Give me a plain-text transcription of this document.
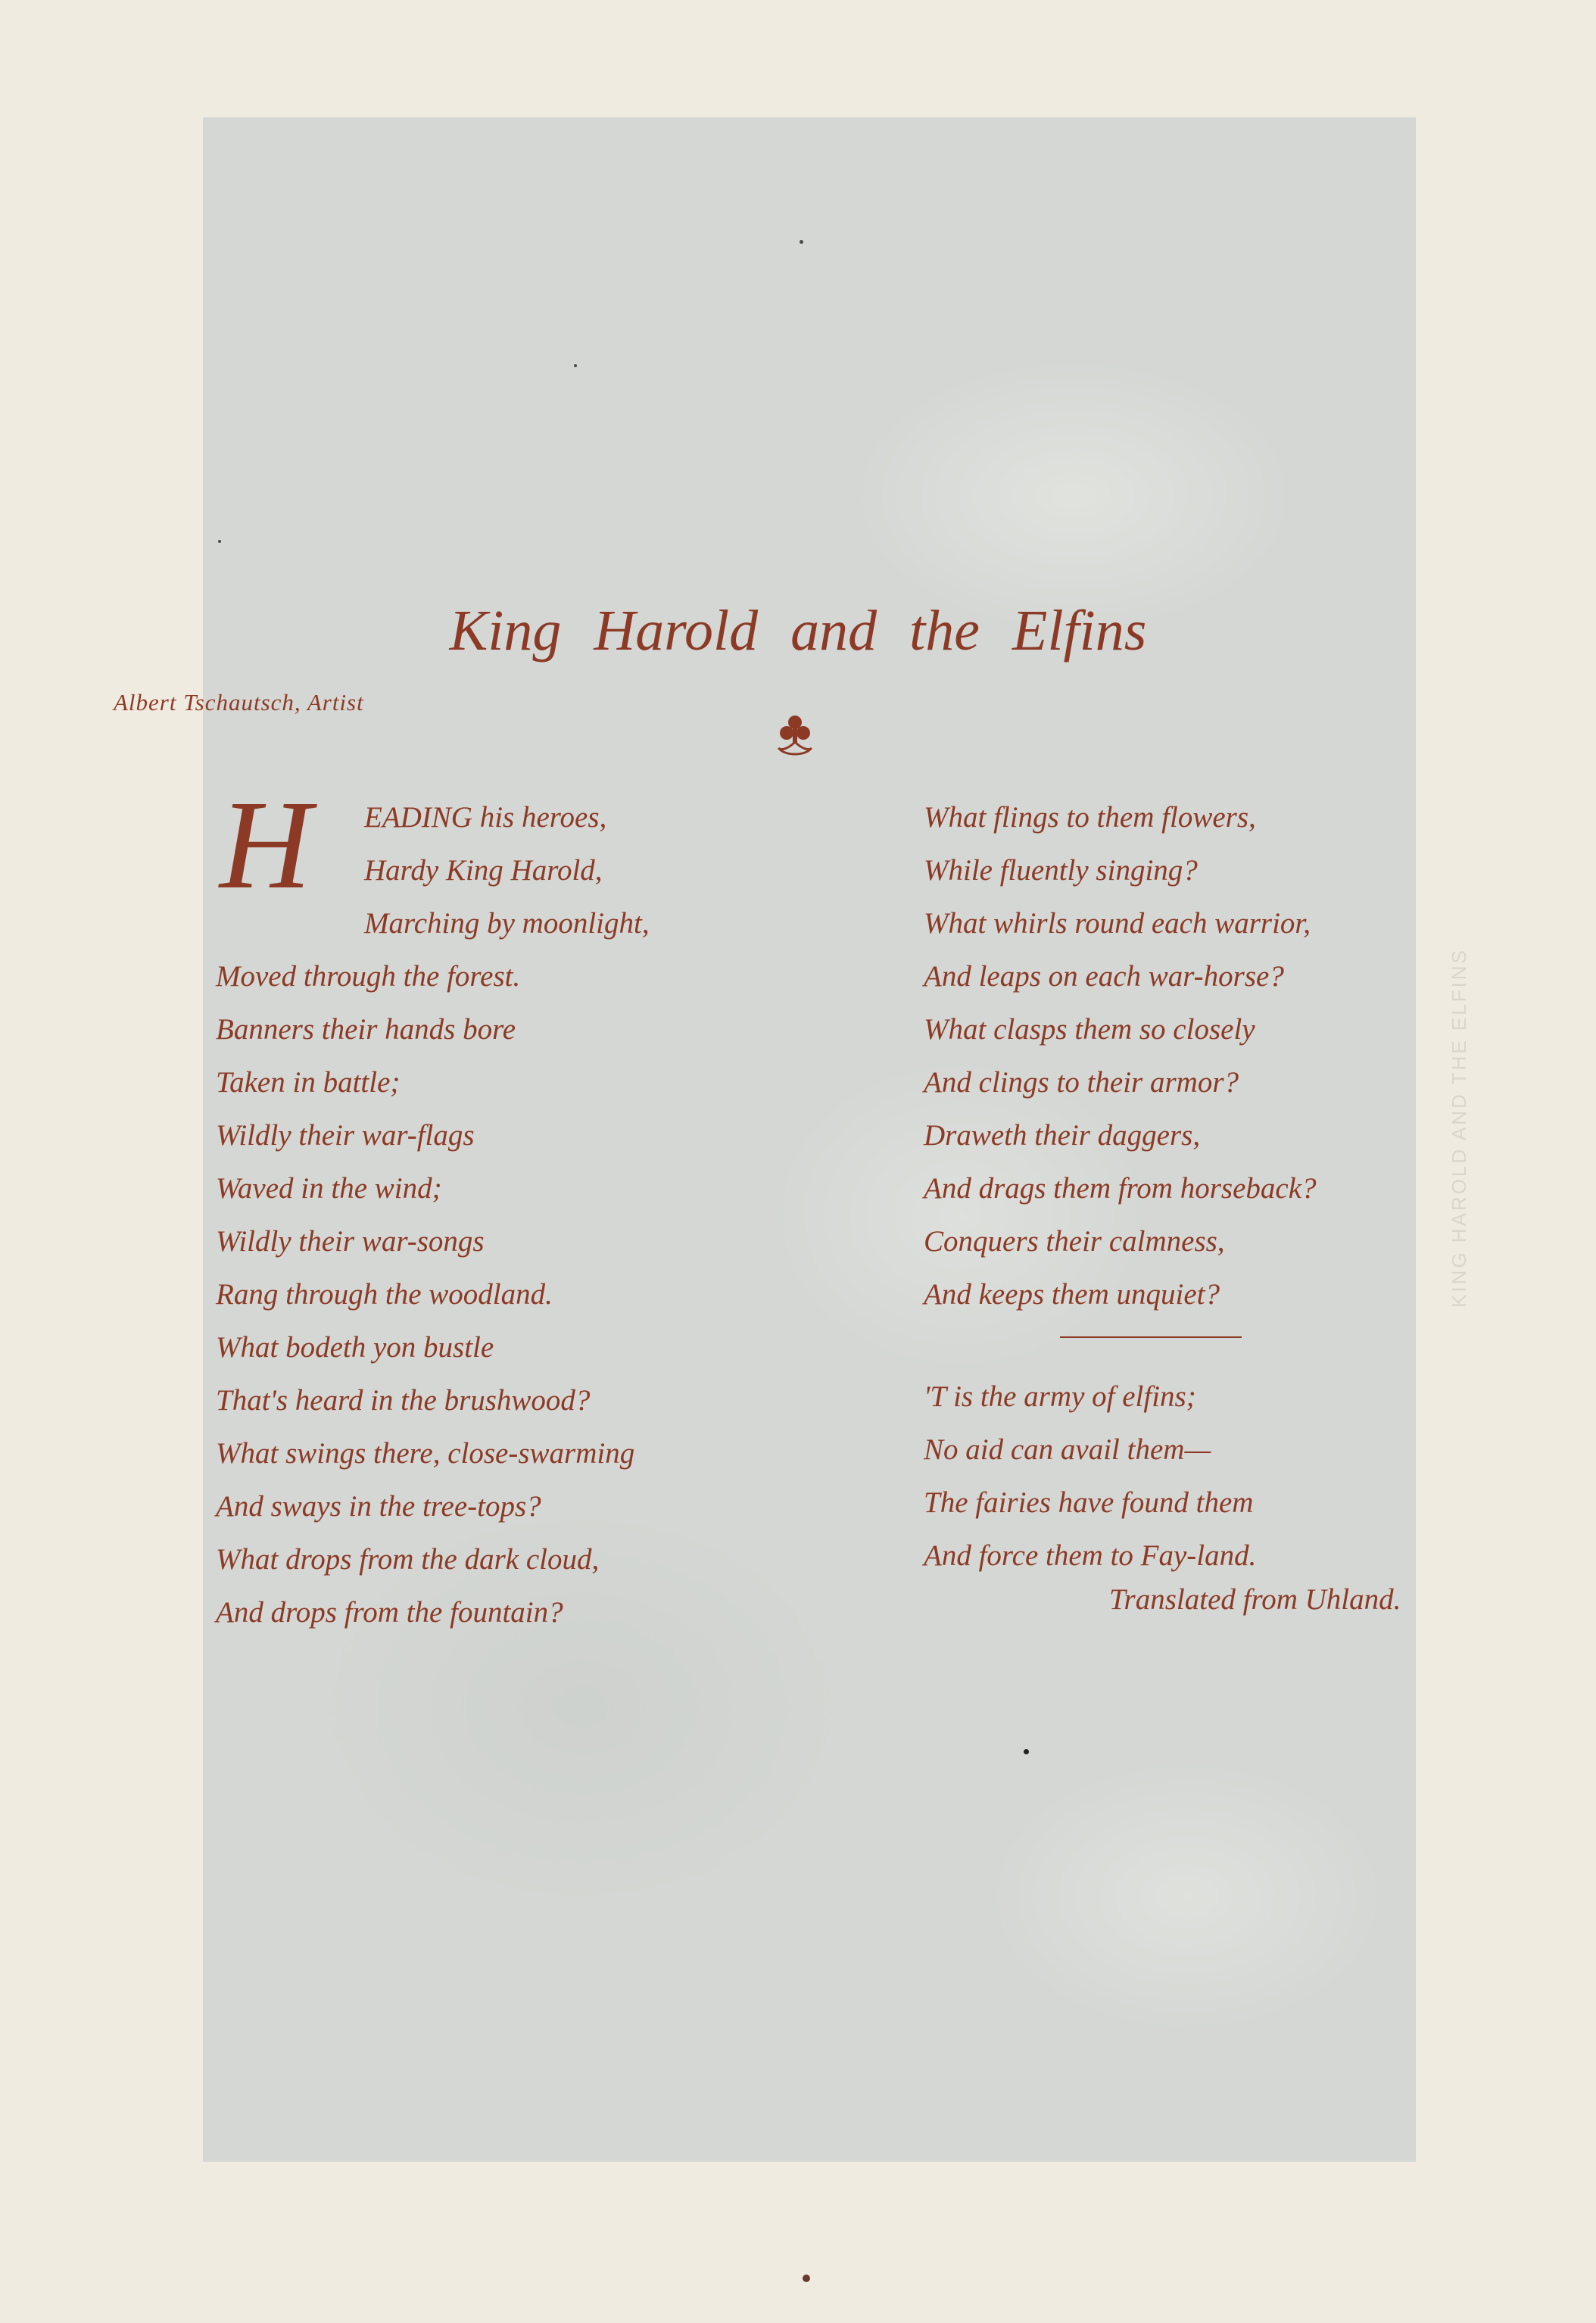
King Harold and the Elfins
Albert Tschautsch, Artist
H	EADING his heroes,
Hardy King Harold,
Marching by moonlight,
Moved through the forest.
Banners their hands bore
Taken in battle;
Wildly their war-flags
Waved in the wind;
Wildly their war-songs
Rang through the woodland.
What bodeth yon bustle
That's heard in the brushwood?
What swings there, close-swarming
And sways in the tree-tops?
What drops from the dark cloud,
And drops from the fountain?
What flings to them flowers,
While fluently singing?
What whirls round each warrior,
And leaps on each war-horse?
What clasps them so closely
And clings to their armor?
Draweth their daggers,
And drags them from horseback?
Conquers their calmness,
And keeps them unquiet?
'T is the army of elfins;
No aid can avail them—
The fairies have found them
And force them to Fay-land.
Translated from Uhland.
KING HAROLD AND THE ELFINS
